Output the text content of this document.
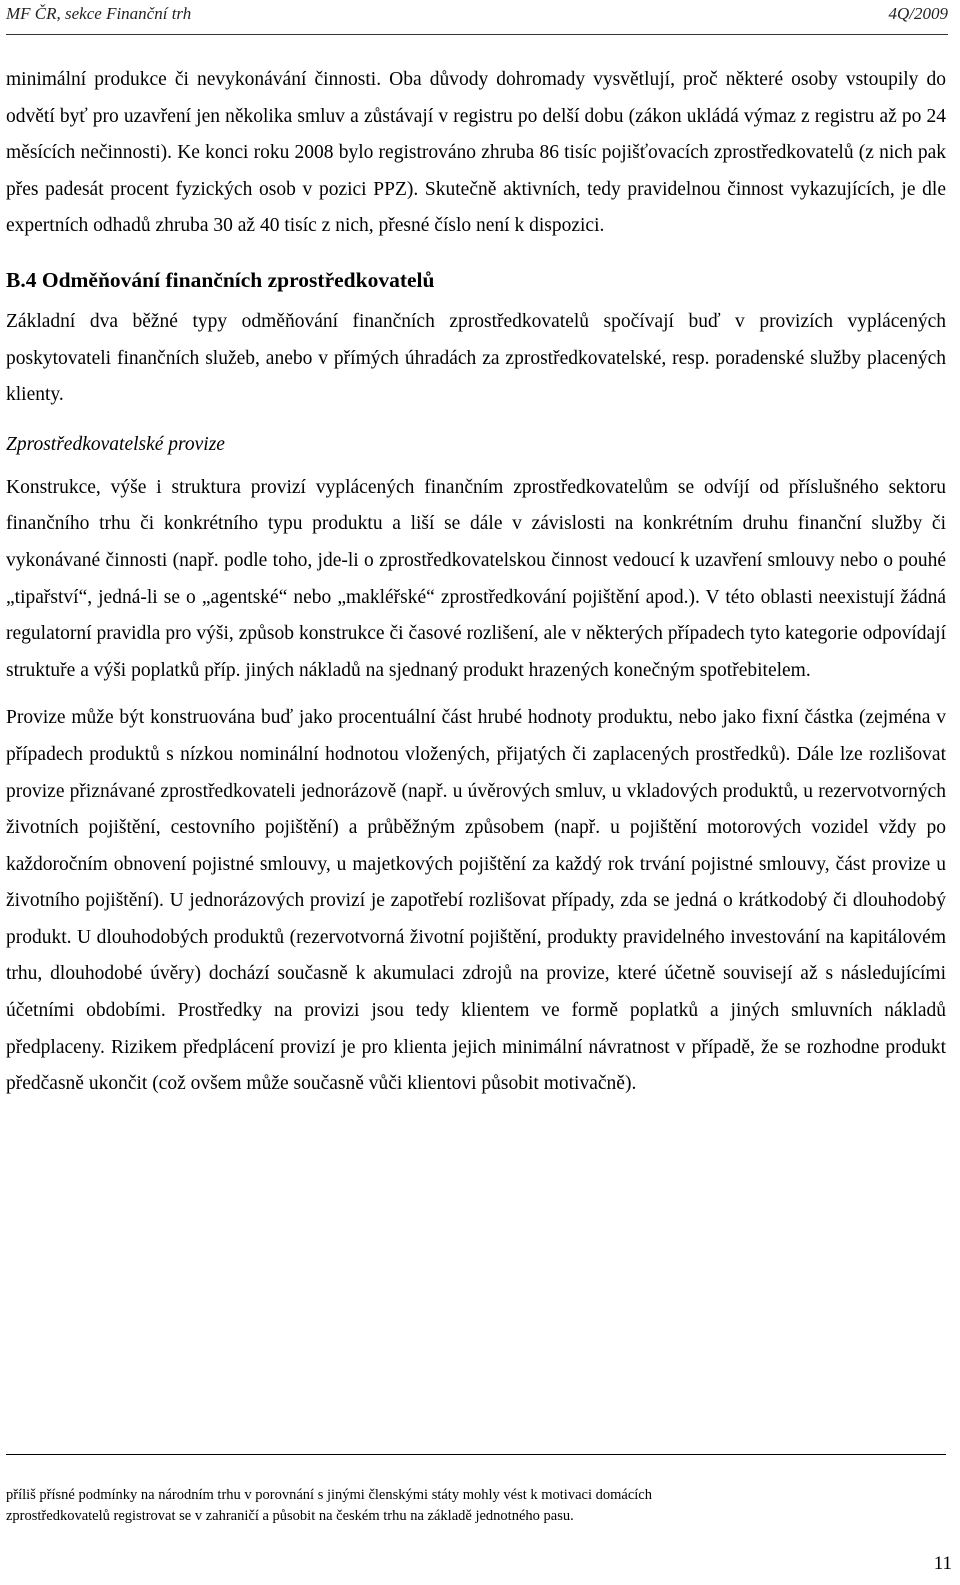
MF ČR, sekce Finanční trh	4Q/2009

minimální produkce či nevykonávání činnosti. Oba důvody dohromady vysvětlují, proč některé osoby vstoupily do odvětí byť pro uzavření jen několika smluv a zůstávají v registru po delší dobu (zákon ukládá výmaz z registru až po 24 měsících nečinnosti). Ke konci roku 2008 bylo registrováno zhruba 86 tisíc pojišťovacích zprostředkovatelů (z nich pak přes padesát procent fyzických osob v pozici PPZ). Skutečně aktivních, tedy pravidelnou činnost vykazujících, je dle expertních odhadů zhruba 30 až 40 tisíc z nich, přesné číslo není k dispozici.

B.4 Odměňování finančních zprostředkovatelů

Základní dva běžné typy odměňování finančních zprostředkovatelů spočívají buď v provizích vyplácených poskytovateli finančních služeb, anebo v přímých úhradách za zprostředkovatelské, resp. poradenské služby placených klienty.

Zprostředkovatelské provize

Konstrukce, výše i struktura provizí vyplácených finančním zprostředkovatelům se odvíjí od příslušného sektoru finančního trhu či konkrétního typu produktu a liší se dále v závislosti na konkrétním druhu finanční služby či vykonávané činnosti (např. podle toho, jde-li o zprostředkovatelskou činnost vedoucí k uzavření smlouvy nebo o pouhé „tipařství“, jedná-li se o „agentské“ nebo „makléřské“ zprostředkování pojištění apod.). V této oblasti neexistují žádná regulatorní pravidla pro výši, způsob konstrukce či časové rozlišení, ale v některých případech tyto kategorie odpovídají struktuře a výši poplatků příp. jiných nákladů na sjednaný produkt hrazených konečným spotřebitelem.

Provize může být konstruována buď jako procentuální část hrubé hodnoty produktu, nebo jako fixní částka (zejména v případech produktů s nízkou nominální hodnotou vložených, přijatých či zaplacených prostředků). Dále lze rozlišovat provize přiznávané zprostředkovateli jednorázově (např. u úvěrových smluv, u vkladových produktů, u rezervotvorných životních pojištění, cestovního pojištění) a průběžným způsobem (např. u pojištění motorových vozidel vždy po každoročním obnovení pojistné smlouvy, u majetkových pojištění za každý rok trvání pojistné smlouvy, část provize u životního pojištění). U jednorázových provizí je zapotřebí rozlišovat případy, zda se jedná o krátkodobý či dlouhodobý produkt. U dlouhodobých produktů (rezervotvorná životní pojištění, produkty pravidelného investování na kapitálovém trhu, dlouhodobé úvěry) dochází současně k akumulaci zdrojů na provize, které účetně souvisejí až s následujícími účetními obdobími. Prostředky na provizi jsou tedy klientem ve formě poplatků a jiných smluvních nákladů předplaceny. Rizikem předplácení provizí je pro klienta jejich minimální návratnost v případě, že se rozhodne produkt předčasně ukončit (což ovšem může současně vůči klientovi působit motivačně).

příliš přísné podmínky na národním trhu v porovnání s jinými členskými státy mohly vést k motivaci domácích
zprostředkovatelů registrovat se v zahraničí a působit na českém trhu na základě jednotného pasu.
11
